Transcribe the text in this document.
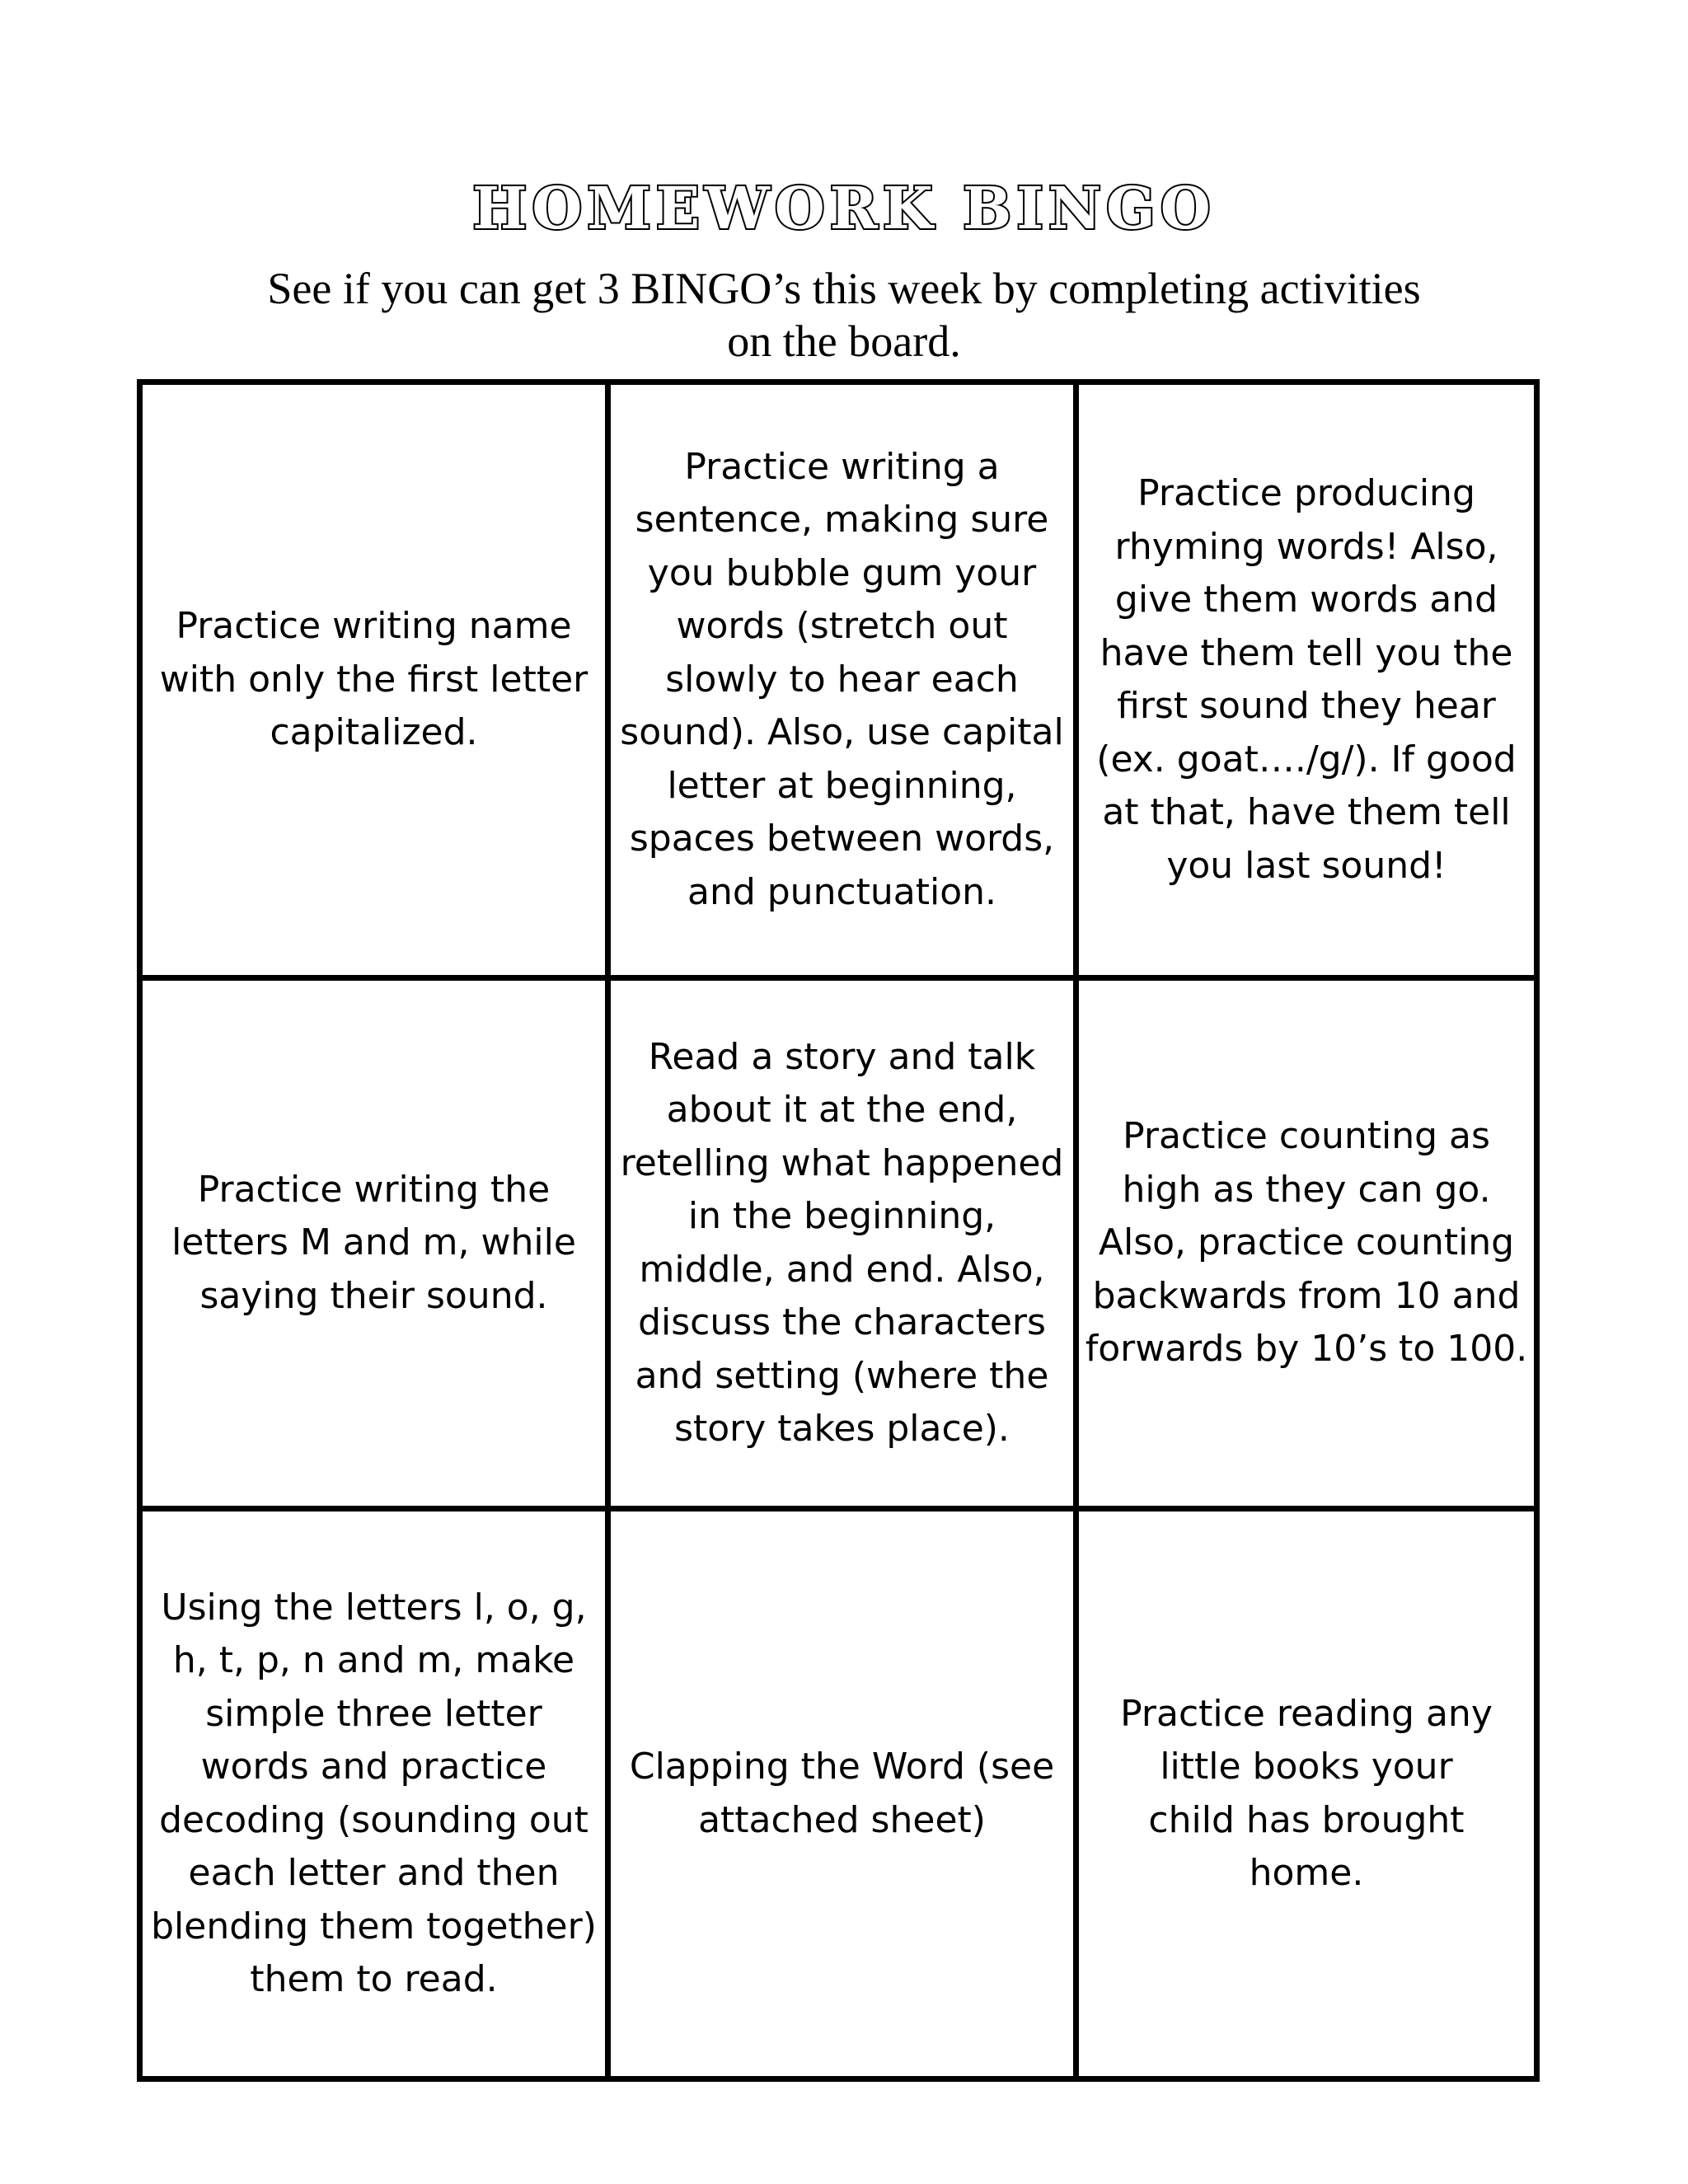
HOMEWORK BINGO
See if you can get 3 BINGO’s this week by completing activities on the board.
Practice writing name with only the first letter capitalized.
Practice writing a sentence, making sure you bubble gum your words (stretch out slowly to hear each sound). Also, use capital letter at beginning, spaces between words, and punctuation.
Practice producing rhyming words! Also, give them words and have them tell you the first sound they hear (ex. goat…./g/). If good at that, have them tell you last sound!
Practice writing the letters M and m, while saying their sound.
Read a story and talk about it at the end, retelling what happened in the beginning, middle, and end. Also, discuss the characters and setting (where the story takes place).
Practice counting as high as they can go. Also, practice counting backwards from 10 and forwards by 10’s to 100.
Using the letters l, o, g, h, t, p, n and m, make simple three letter words and practice decoding (sounding out each letter and then blending them together) them to read.
Clapping the Word (see attached sheet)
Practice reading any little books your child has brought home.
